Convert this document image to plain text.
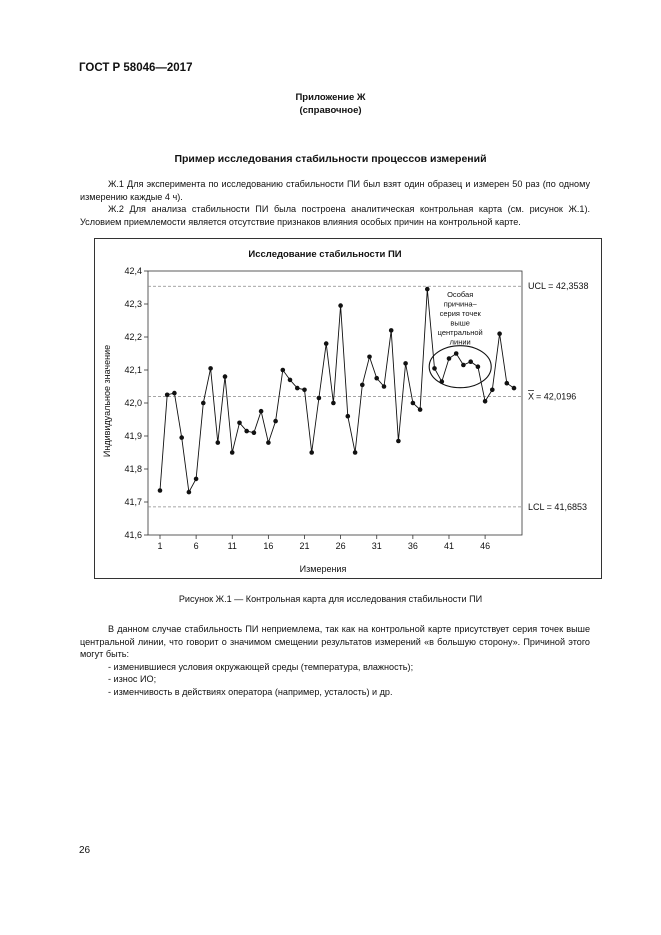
ГОСТ Р 58046—2017
Приложение Ж
(справочное)
Пример исследования стабильности процессов измерений

Ж.1 Для эксперимента по исследованию стабильности ПИ был взят один образец и измерен 50 раз (по одному измерению каждые 4 ч).

Ж.2 Для анализа стабильности ПИ была построена аналитическая контрольная карта (см. рисунок Ж.1). Условием приемлемости является отсутствие признаков влияния особых причин на контрольной карте.

Исследование стабильности ПИ
Индивидуальное значение
Измерения
41,6
41,7
41,8
41,9
42,0
42,1
42,2
42,3
42,4
1	6	11	16	21	26	31	36	41	46
UCL = 42,3538
X = 42,0196
LCL = 41,6853
Особая
причина–
серия точек
выше
центральной
линии
Рисунок Ж.1 — Контрольная карта для исследования стабильности ПИ

В данном случае стабильность ПИ неприемлема, так как на контрольной карте присутствует серия точек выше центральной линии, что говорит о значимом смещении результатов измерений «в большую сторону». Причиной этого могут быть:

- изменившиеся условия окружающей среды (температура, влажность);
- износ ИО;
- изменчивость в действиях оператора (например, усталость) и др.
26
